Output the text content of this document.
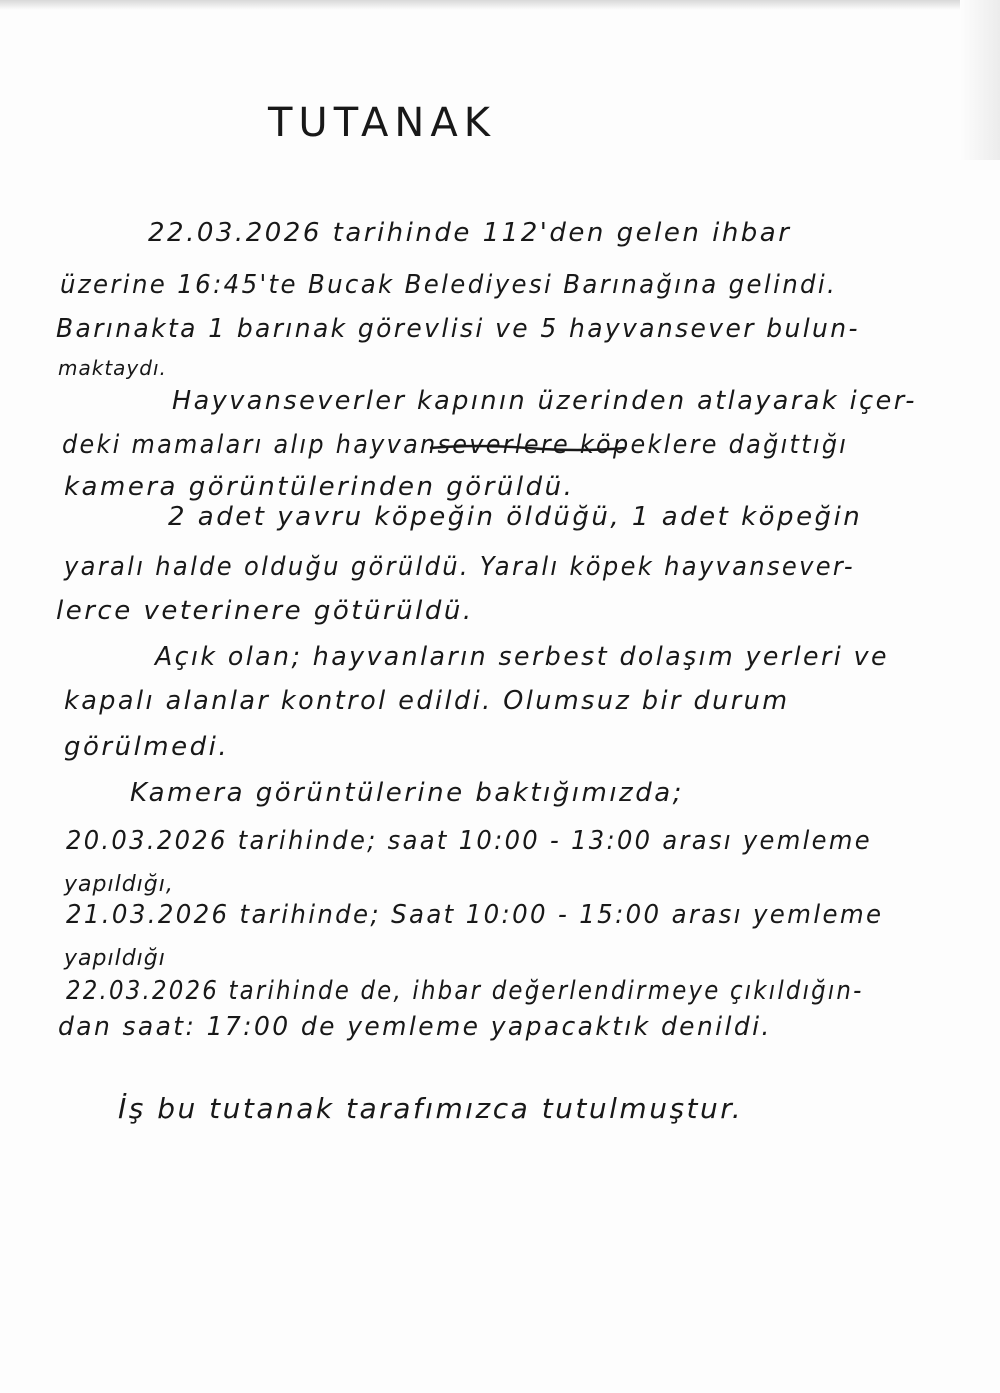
TUTANAK
22.03.2026 tarihinde 112'den gelen ihbar
üzerine 16:45'te Bucak Belediyesi Barınağına gelindi.
Barınakta 1 barınak görevlisi ve 5 hayvansever bulun-
maktaydı.
Hayvanseverler kapının üzerinden atlayarak içer-
deki mamaları alıp hayvanseverlere köpeklere dağıttığı
kamera görüntülerinden görüldü.
2 adet yavru köpeğin öldüğü, 1 adet köpeğin
yaralı halde olduğu görüldü. Yaralı köpek hayvansever-
lerce veterinere götürüldü.
Açık olan; hayvanların serbest dolaşım yerleri ve
kapalı alanlar kontrol edildi. Olumsuz bir durum
görülmedi.
Kamera görüntülerine baktığımızda;
20.03.2026 tarihinde; saat 10:00 - 13:00 arası yemleme
yapıldığı,
21.03.2026 tarihinde; Saat 10:00 - 15:00 arası yemleme
yapıldığı
22.03.2026 tarihinde de, ihbar değerlendirmeye çıkıldığın-
dan saat: 17:00 de yemleme yapacaktık denildi.
İş bu tutanak tarafımızca tutulmuştur.
